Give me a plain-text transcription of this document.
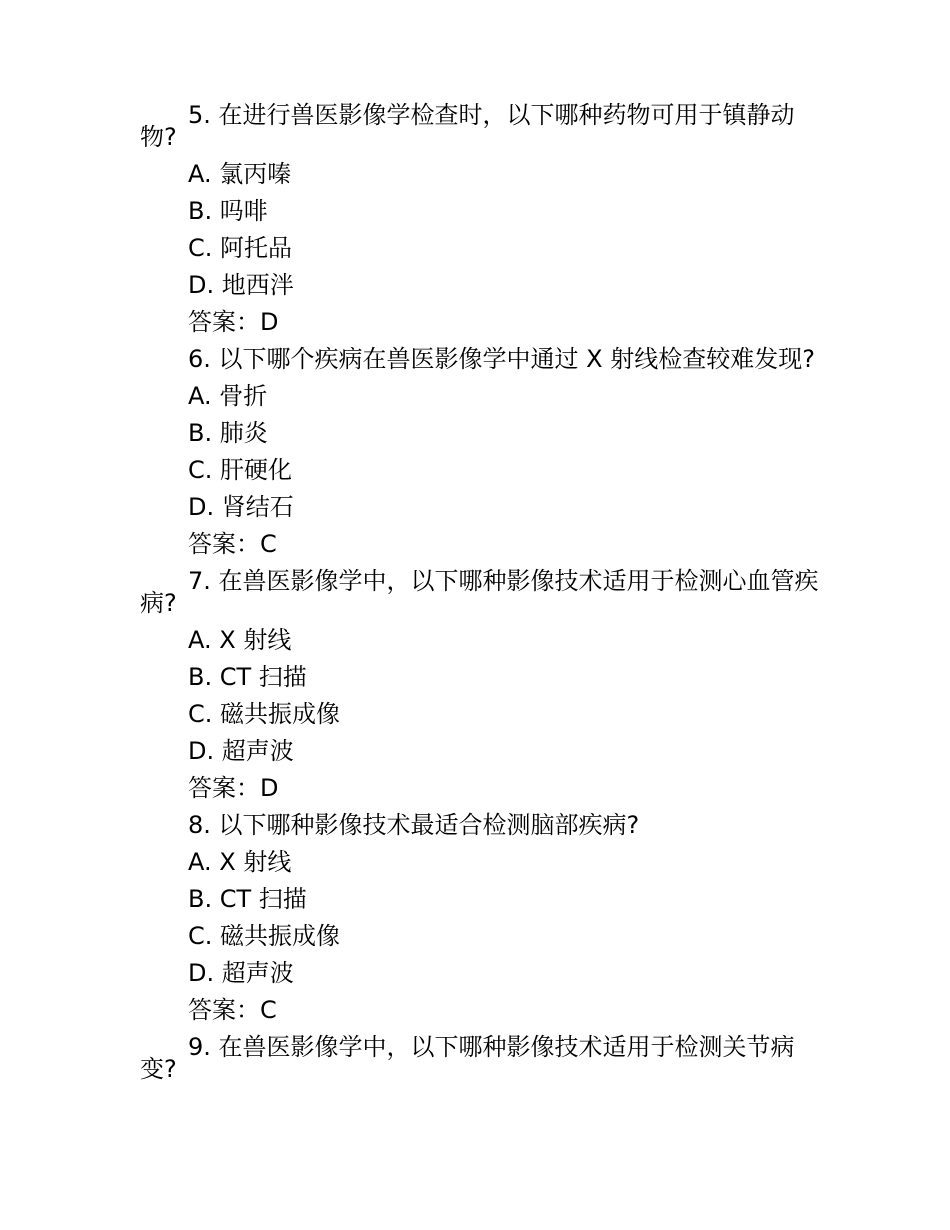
5. 在进行兽医影像学检查时，以下哪种药物可用于镇静动物?

A. 氯丙嗪
B. 吗啡
C. 阿托品
D. 地西泮
答案：D

6. 以下哪个疾病在兽医影像学中通过 X 射线检查较难发现?

A. 骨折
B. 肺炎
C. 肝硬化
D. 肾结石
答案：C

7. 在兽医影像学中，以下哪种影像技术适用于检测心血管疾病?

A. X 射线
B. CT 扫描
C. 磁共振成像
D. 超声波
答案：D

8. 以下哪种影像技术最适合检测脑部疾病?

A. X 射线
B. CT 扫描
C. 磁共振成像
D. 超声波
答案：C

9. 在兽医影像学中，以下哪种影像技术适用于检测关节病变?
